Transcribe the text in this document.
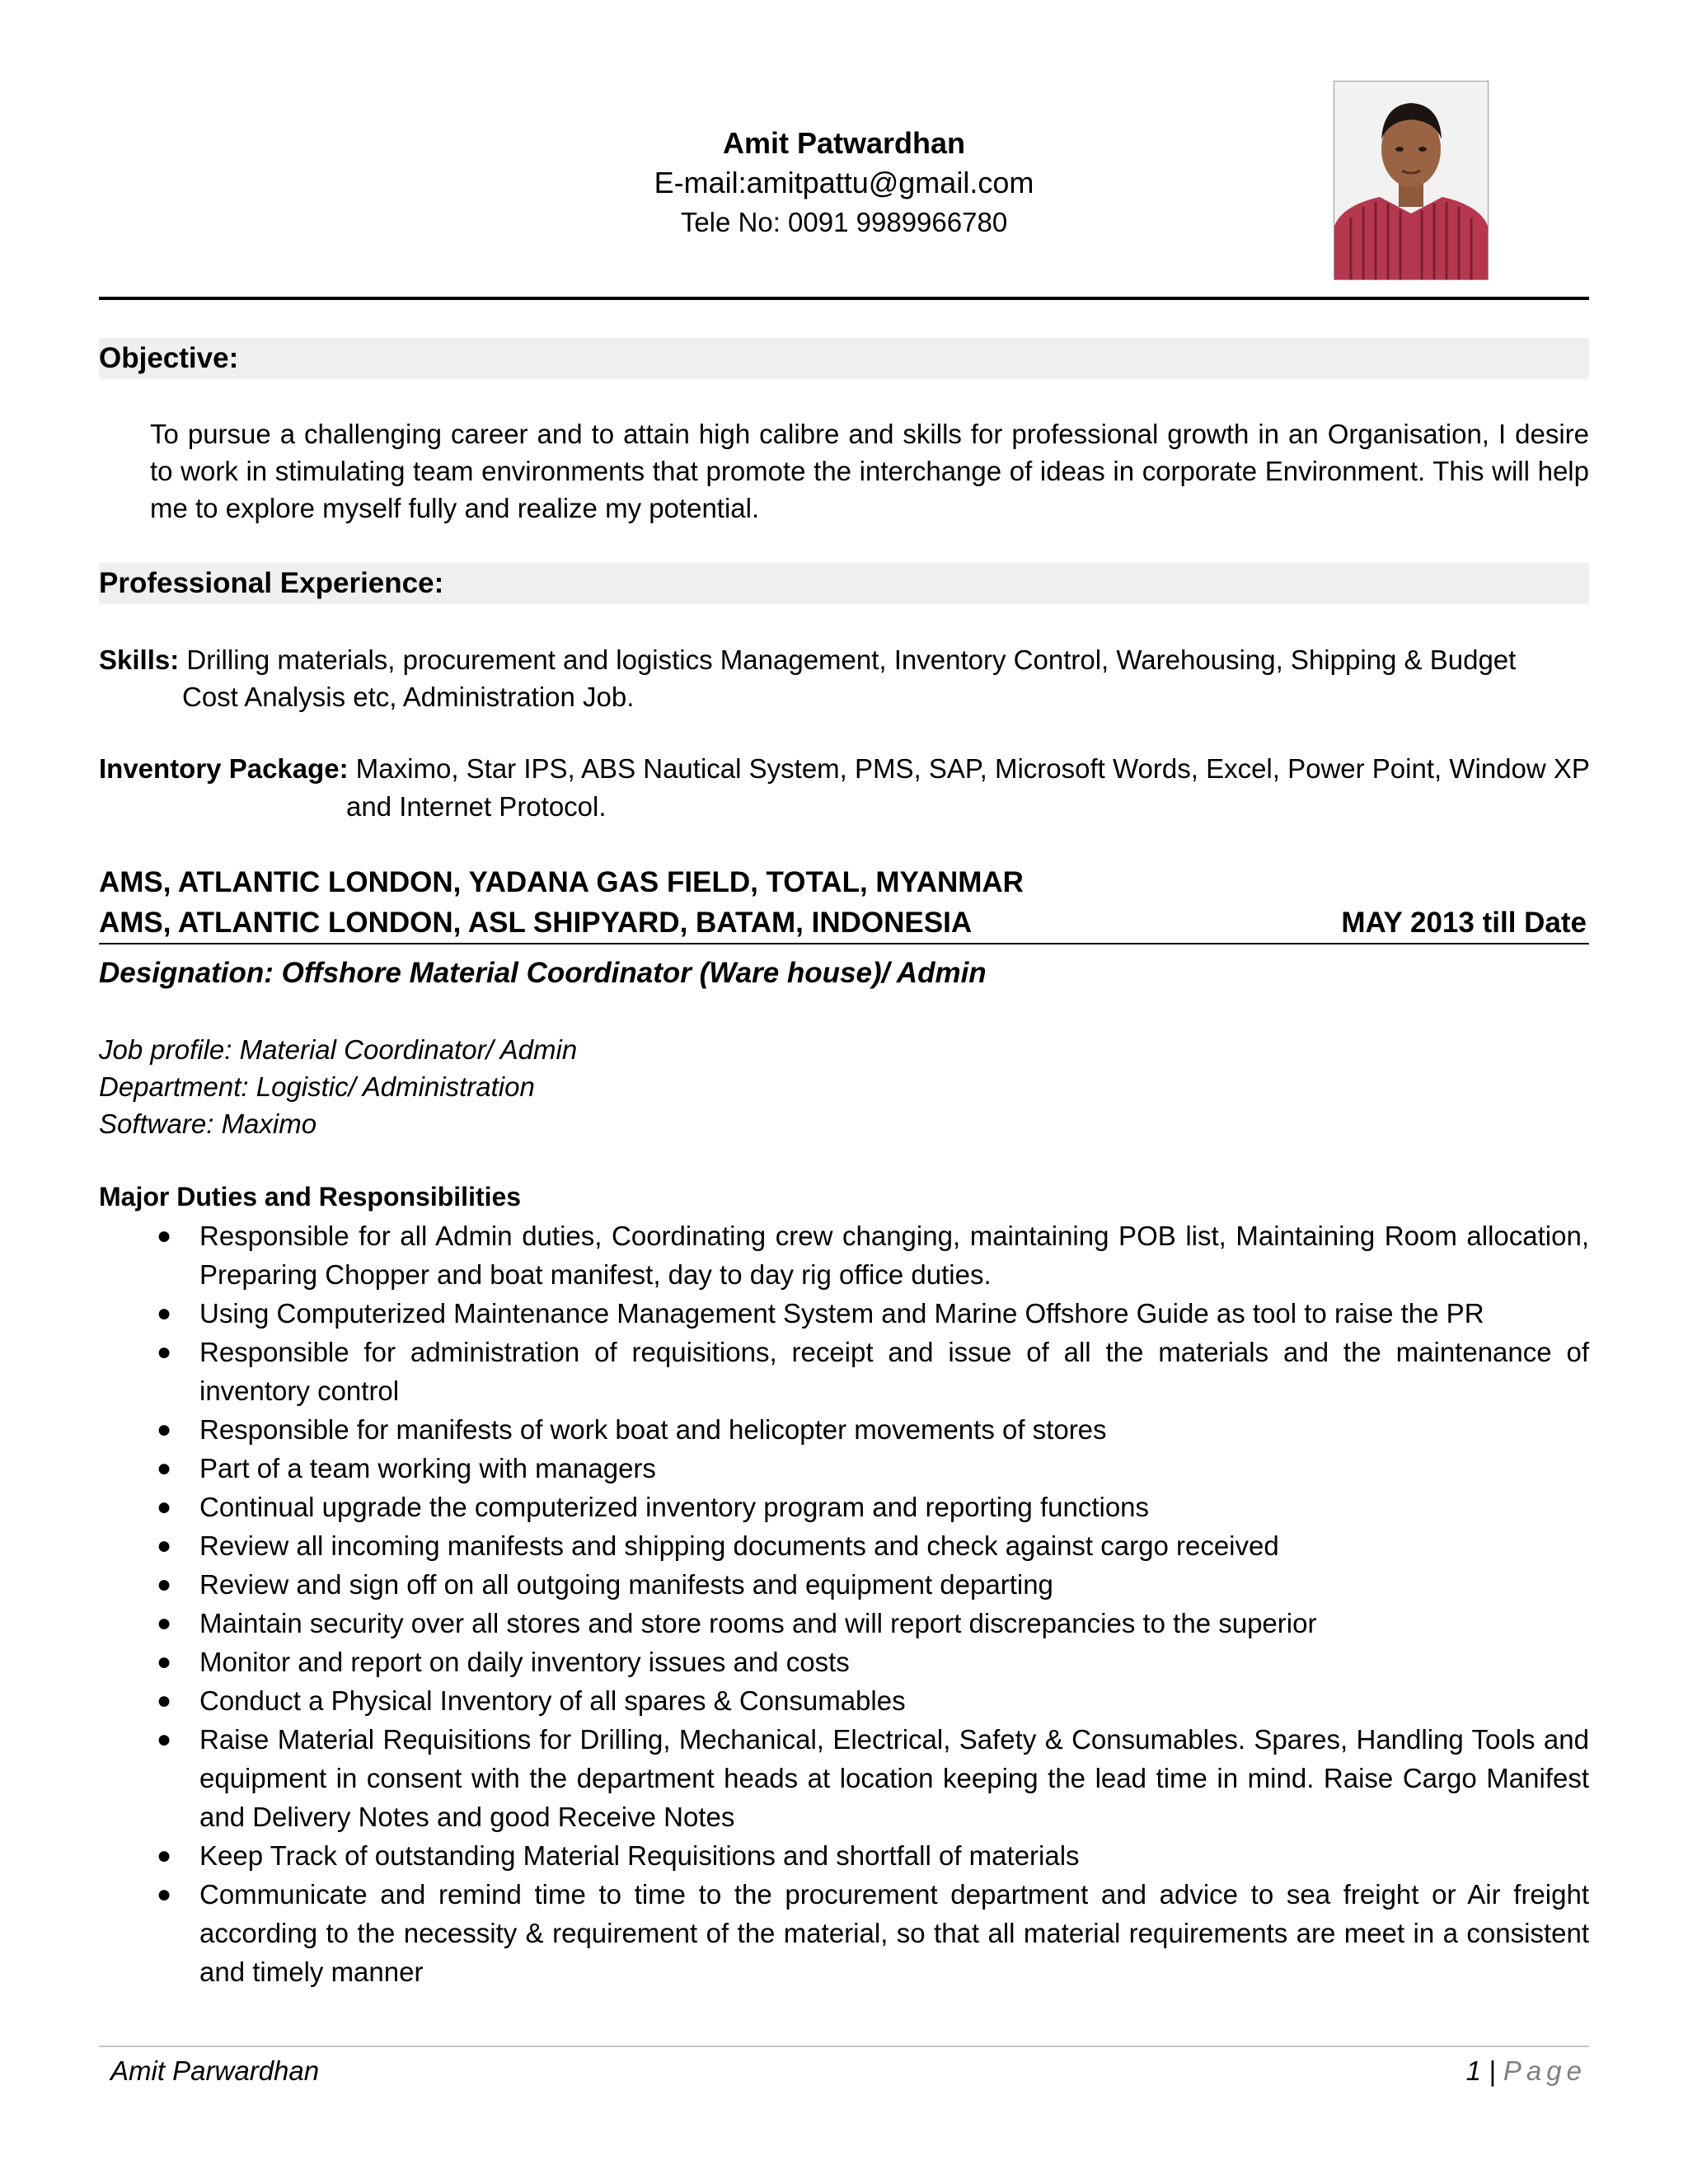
Amit Patwardhan
E-mail:amitpattu@gmail.com
Tele No: 0091 9989966780
Objective:
To pursue a challenging career and to attain high calibre and skills for professional growth in an Organisation, I desire to work in stimulating team environments that promote the interchange of ideas in corporate Environment. This will help me to explore myself fully and realize my potential.
Professional Experience:
Skills: Drilling materials, procurement and logistics Management, Inventory Control, Warehousing, Shipping & Budget
Cost Analysis etc, Administration Job.
Inventory Package: Maximo, Star IPS, ABS Nautical System, PMS, SAP, Microsoft Words, Excel, Power Point, Window XP
and Internet Protocol.
AMS, ATLANTIC LONDON, YADANA GAS FIELD, TOTAL, MYANMAR
AMS, ATLANTIC LONDON, ASL SHIPYARD, BATAM, INDONESIA	MAY 2013 till Date
Designation: Offshore Material Coordinator (Ware house)/ Admin
Job profile: Material Coordinator/ Admin
Department: Logistic/ Administration
Software: Maximo
Major Duties and Responsibilities
● Responsible for all Admin duties, Coordinating crew changing, maintaining POB list, Maintaining Room allocation, Preparing Chopper and boat manifest, day to day rig office duties.
● Using Computerized Maintenance Management System and Marine Offshore Guide as tool to raise the PR
● Responsible for administration of requisitions, receipt and issue of all the materials and the maintenance of inventory control
● Responsible for manifests of work boat and helicopter movements of stores
● Part of a team working with managers
● Continual upgrade the computerized inventory program and reporting functions
● Review all incoming manifests and shipping documents and check against cargo received
● Review and sign off on all outgoing manifests and equipment departing
● Maintain security over all stores and store rooms and will report discrepancies to the superior
● Monitor and report on daily inventory issues and costs
● Conduct a Physical Inventory of all spares & Consumables
● Raise Material Requisitions for Drilling, Mechanical, Electrical, Safety & Consumables. Spares, Handling Tools and equipment in consent with the department heads at location keeping the lead time in mind. Raise Cargo Manifest and Delivery Notes and good Receive Notes
● Keep Track of outstanding Material Requisitions and shortfall of materials
● Communicate and remind time to time to the procurement department and advice to sea freight or Air freight according to the necessity & requirement of the material, so that all material requirements are meet in a consistent and timely manner
Amit Parwardhan	1 | Page
